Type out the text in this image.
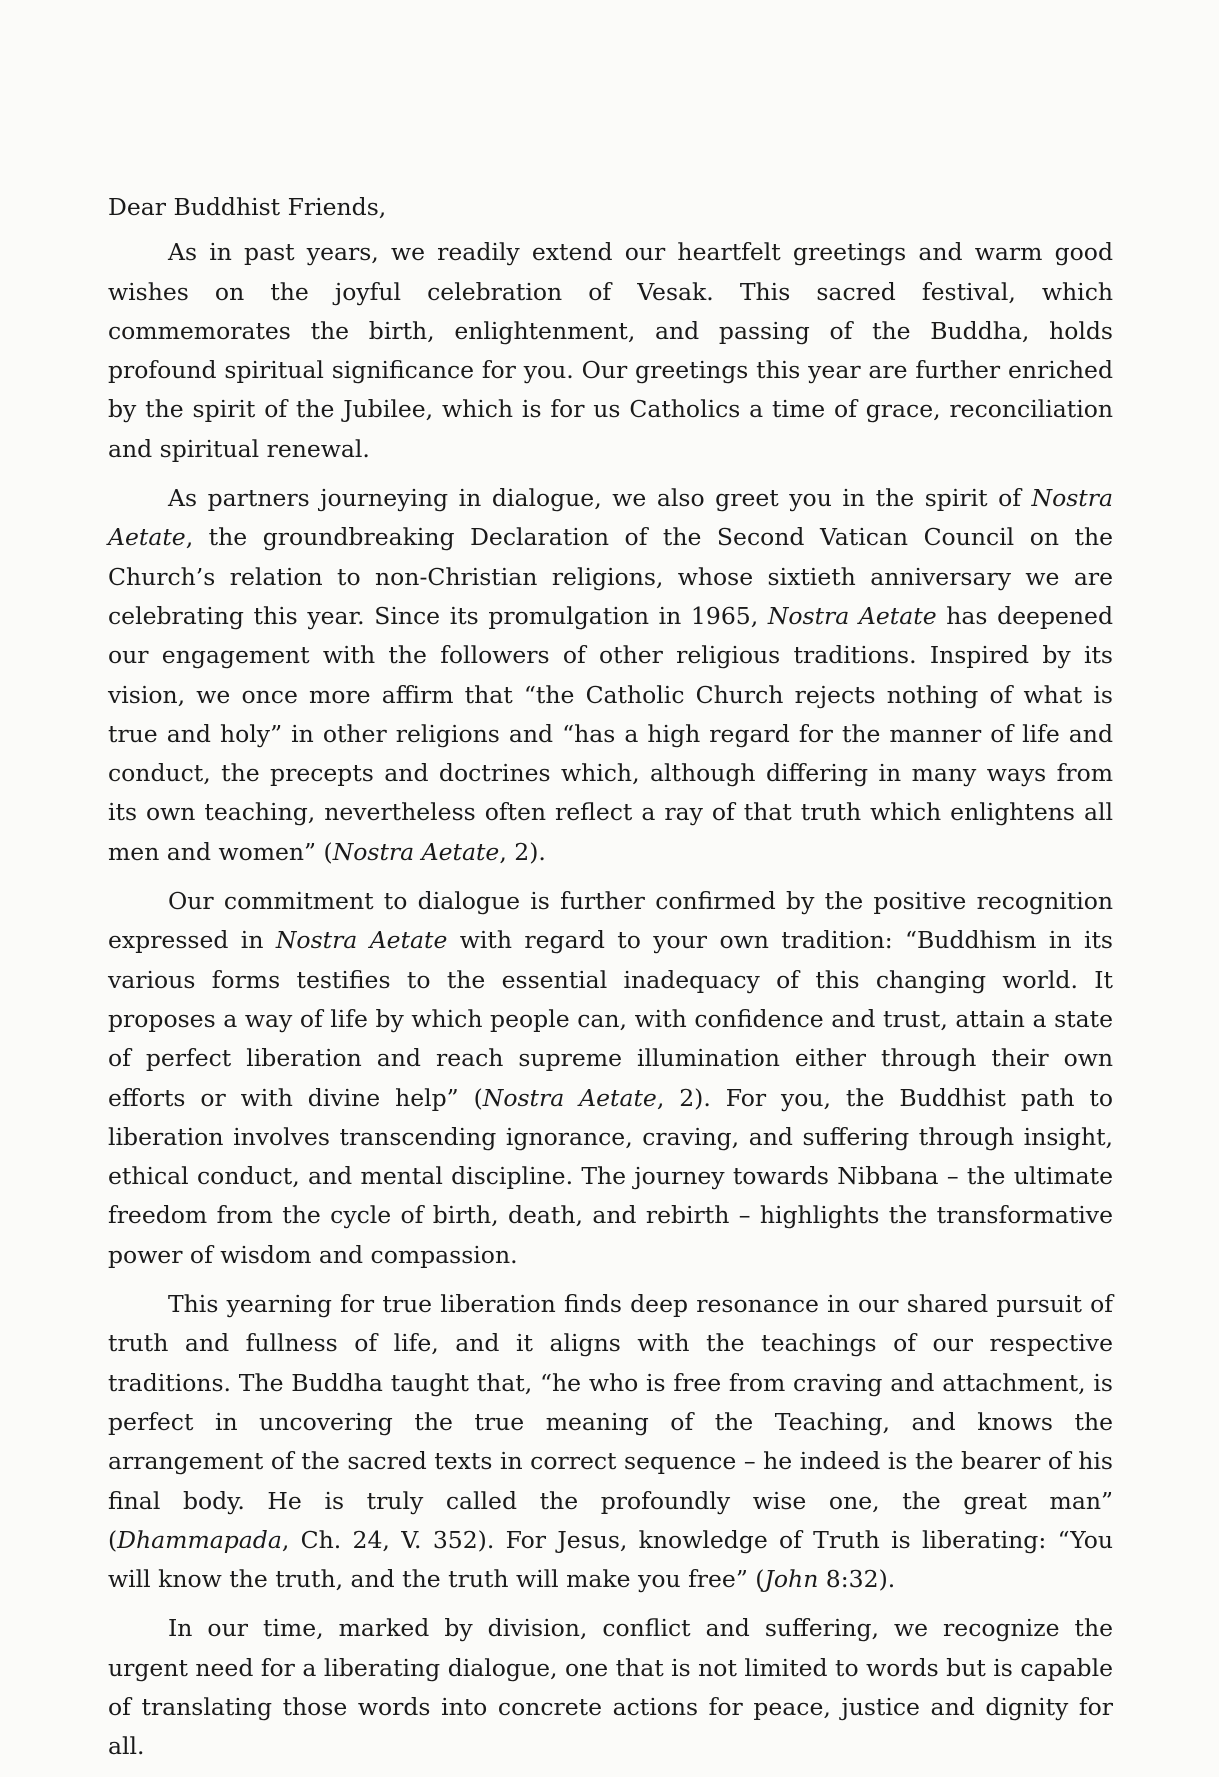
Dear Buddhist Friends,

As in past years, we readily extend our heartfelt greetings and warm good wishes on the joyful celebration of Vesak. This sacred festival, which commemorates the birth, enlightenment, and passing of the Buddha, holds profound spiritual significance for you. Our greetings this year are further enriched by the spirit of the Jubilee, which is for us Catholics a time of grace, reconciliation and spiritual renewal.

As partners journeying in dialogue, we also greet you in the spirit of Nostra Aetate, the groundbreaking Declaration of the Second Vatican Council on the Church’s relation to non-Christian religions, whose sixtieth anniversary we are celebrating this year. Since its promulgation in 1965, Nostra Aetate has deepened our engagement with the followers of other religious traditions. Inspired by its vision, we once more affirm that “the Catholic Church rejects nothing of what is true and holy” in other religions and “has a high regard for the manner of life and conduct, the precepts and doctrines which, although differing in many ways from its own teaching, nevertheless often reflect a ray of that truth which enlightens all men and women” (Nostra Aetate, 2).

Our commitment to dialogue is further confirmed by the positive recognition expressed in Nostra Aetate with regard to your own tradition: “Buddhism in its various forms testifies to the essential inadequacy of this changing world. It proposes a way of life by which people can, with confidence and trust, attain a state of perfect liberation and reach supreme illumination either through their own efforts or with divine help” (Nostra Aetate, 2). For you, the Buddhist path to liberation involves transcending ignorance, craving, and suffering through insight, ethical conduct, and mental discipline. The journey towards Nibbana – the ultimate freedom from the cycle of birth, death, and rebirth – highlights the transformative power of wisdom and compassion.

This yearning for true liberation finds deep resonance in our shared pursuit of truth and fullness of life, and it aligns with the teachings of our respective traditions. The Buddha taught that, “he who is free from craving and attachment, is perfect in uncovering the true meaning of the Teaching, and knows the arrangement of the sacred texts in correct sequence – he indeed is the bearer of his final body. He is truly called the profoundly wise one, the great man” (Dhammapada, Ch. 24, V. 352). For Jesus, knowledge of Truth is liberating: “You will know the truth, and the truth will make you free” (John 8:32).

In our time, marked by division, conflict and suffering, we recognize the urgent need for a liberating dialogue, one that is not limited to words but is capable of translating those words into concrete actions for peace, justice and dignity for all.
